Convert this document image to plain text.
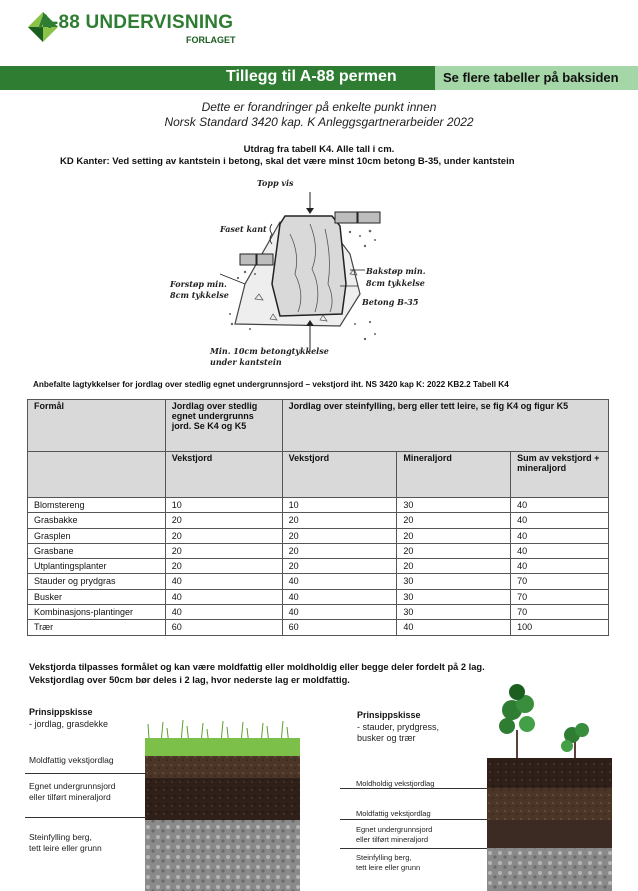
A-88 UNDERVISNING
FORLAGET
Tillegg til A-88 permen	Se flere tabeller på baksiden
Dette er forandringer på enkelte punkt innen
Norsk Standard 3420 kap. K Anleggsgartnerarbeider 2022
Utdrag fra tabell K4. Alle tall i cm.
KD Kanter: Ved setting av kantstein i betong, skal det være minst 10cm betong B-35, under kantstein
Topp vis
Faset kant
Forstøp min.
8cm tykkelse
Bakstøp min.
8cm tykkelse
Betong B-35
Min. 10cm betongtykkelse
under kantstein
Anbefalte lagtykkelser for jordlag over stedlig egnet undergrunnsjord – vekstjord iht. NS 3420 kap K: 2022 KB2.2 Tabell K4
Formål	Jordlag over stedlig egnet undergrunns jord. Se K4 og K5	Jordlag over steinfylling, berg eller tett leire, se fig K4 og figur K5		
	Vekstjord	Vekstjord	Mineraljord	Sum av vekstjord + mineraljord
Blomstereng	10	10	30	40
Grasbakke	20	20	20	40
Grasplen	20	20	20	40
Grasbane	20	20	20	40
Utplantingsplanter	20	20	20	40
Stauder og prydgras	40	40	30	70
Busker	40	40	30	70
Kombinasjons-plantinger	40	40	30	70
Trær	60	60	40	100
Vekstjorda tilpasses formålet og kan være moldfattig eller moldholdig eller begge deler fordelt på 2 lag.
Vekstjordlag over 50cm bør deles i 2 lag, hvor nederste lag er moldfattig.
Prinsippskisse
- jordlag, grasdekke
Moldfattig vekstjordlag
Egnet undergrunnsjord
eller tilført mineraljord
Steinfylling berg,
tett leire eller grunn
Prinsippskisse
- stauder, prydgress,
busker og trær
Moldholdig vekstjordlag
Moldfattig vekstjordlag
Egnet undergrunnsjord
eller tilført mineraljord
Steinfylling berg,
tett leire eller grunn
